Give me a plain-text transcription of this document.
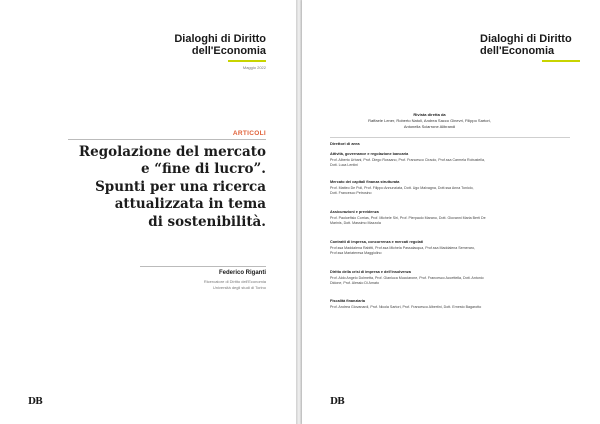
Dialoghi di Diritto
dell'Economia
Maggio 2022
ARTICOLI
Regolazione del mercato
e “fine di lucro”.
Spunti per una ricerca
attualizzata in tema
di sostenibilità.
Federico Riganti
Ricercatore di Diritto dell'Economia
Università degli studi di Torino
DB
Dialoghi di Diritto
dell'Economia
Rivista diretta da
Raffaele Lener, Roberto Natoli, Andrea Sacco Ginevri, Filippo Sartori,
Antonella Sciarrone Alibrandi
Direttori di area
Attività, governance e regolazione bancaria
Prof. Alberto Urbani, Prof. Diego Rossano, Prof. Francesco Ciraolo, Prof.ssa Carmela Robustella,
Dott. Luca Lentini
Mercato dei capitali finanza strutturata
Prof. Matteo De Poli, Prof. Filippo Annunziata, Dott. Ugo Malvagna, Dott.ssa Anna Toniolo,
Dott. Francesco Petrosino
Assicurazioni e previdenza
Prof. Paoloefisio Corrias, Prof. Michele Siri, Prof. Pierpaolo Marano, Dott. Giovanni Maria Berti De
Marinis, Dott. Massimo Mazzola
Contratti di impresa, concorrenza e mercati regolati
Prof.ssa Maddalena Rabitti, Prof.ssa Michela Passalacqua, Prof.ssa Maddalena Semeraro,
Prof.ssa Mariateresa Maggiolino
Diritto della crisi di impresa e dell'insolvenza
Prof. Aldo Angelo Dolmetta, Prof. Gianluca Mucciarone, Prof. Francesco Accettella, Dott. Antonio
Didone, Prof. Alessio Di Amato
Fiscalità finanziaria
Prof. Andrea Giovanardi, Prof. Nicola Sartori, Prof. Francesco Albertini, Dott. Ernesto Bagarotto
DB
